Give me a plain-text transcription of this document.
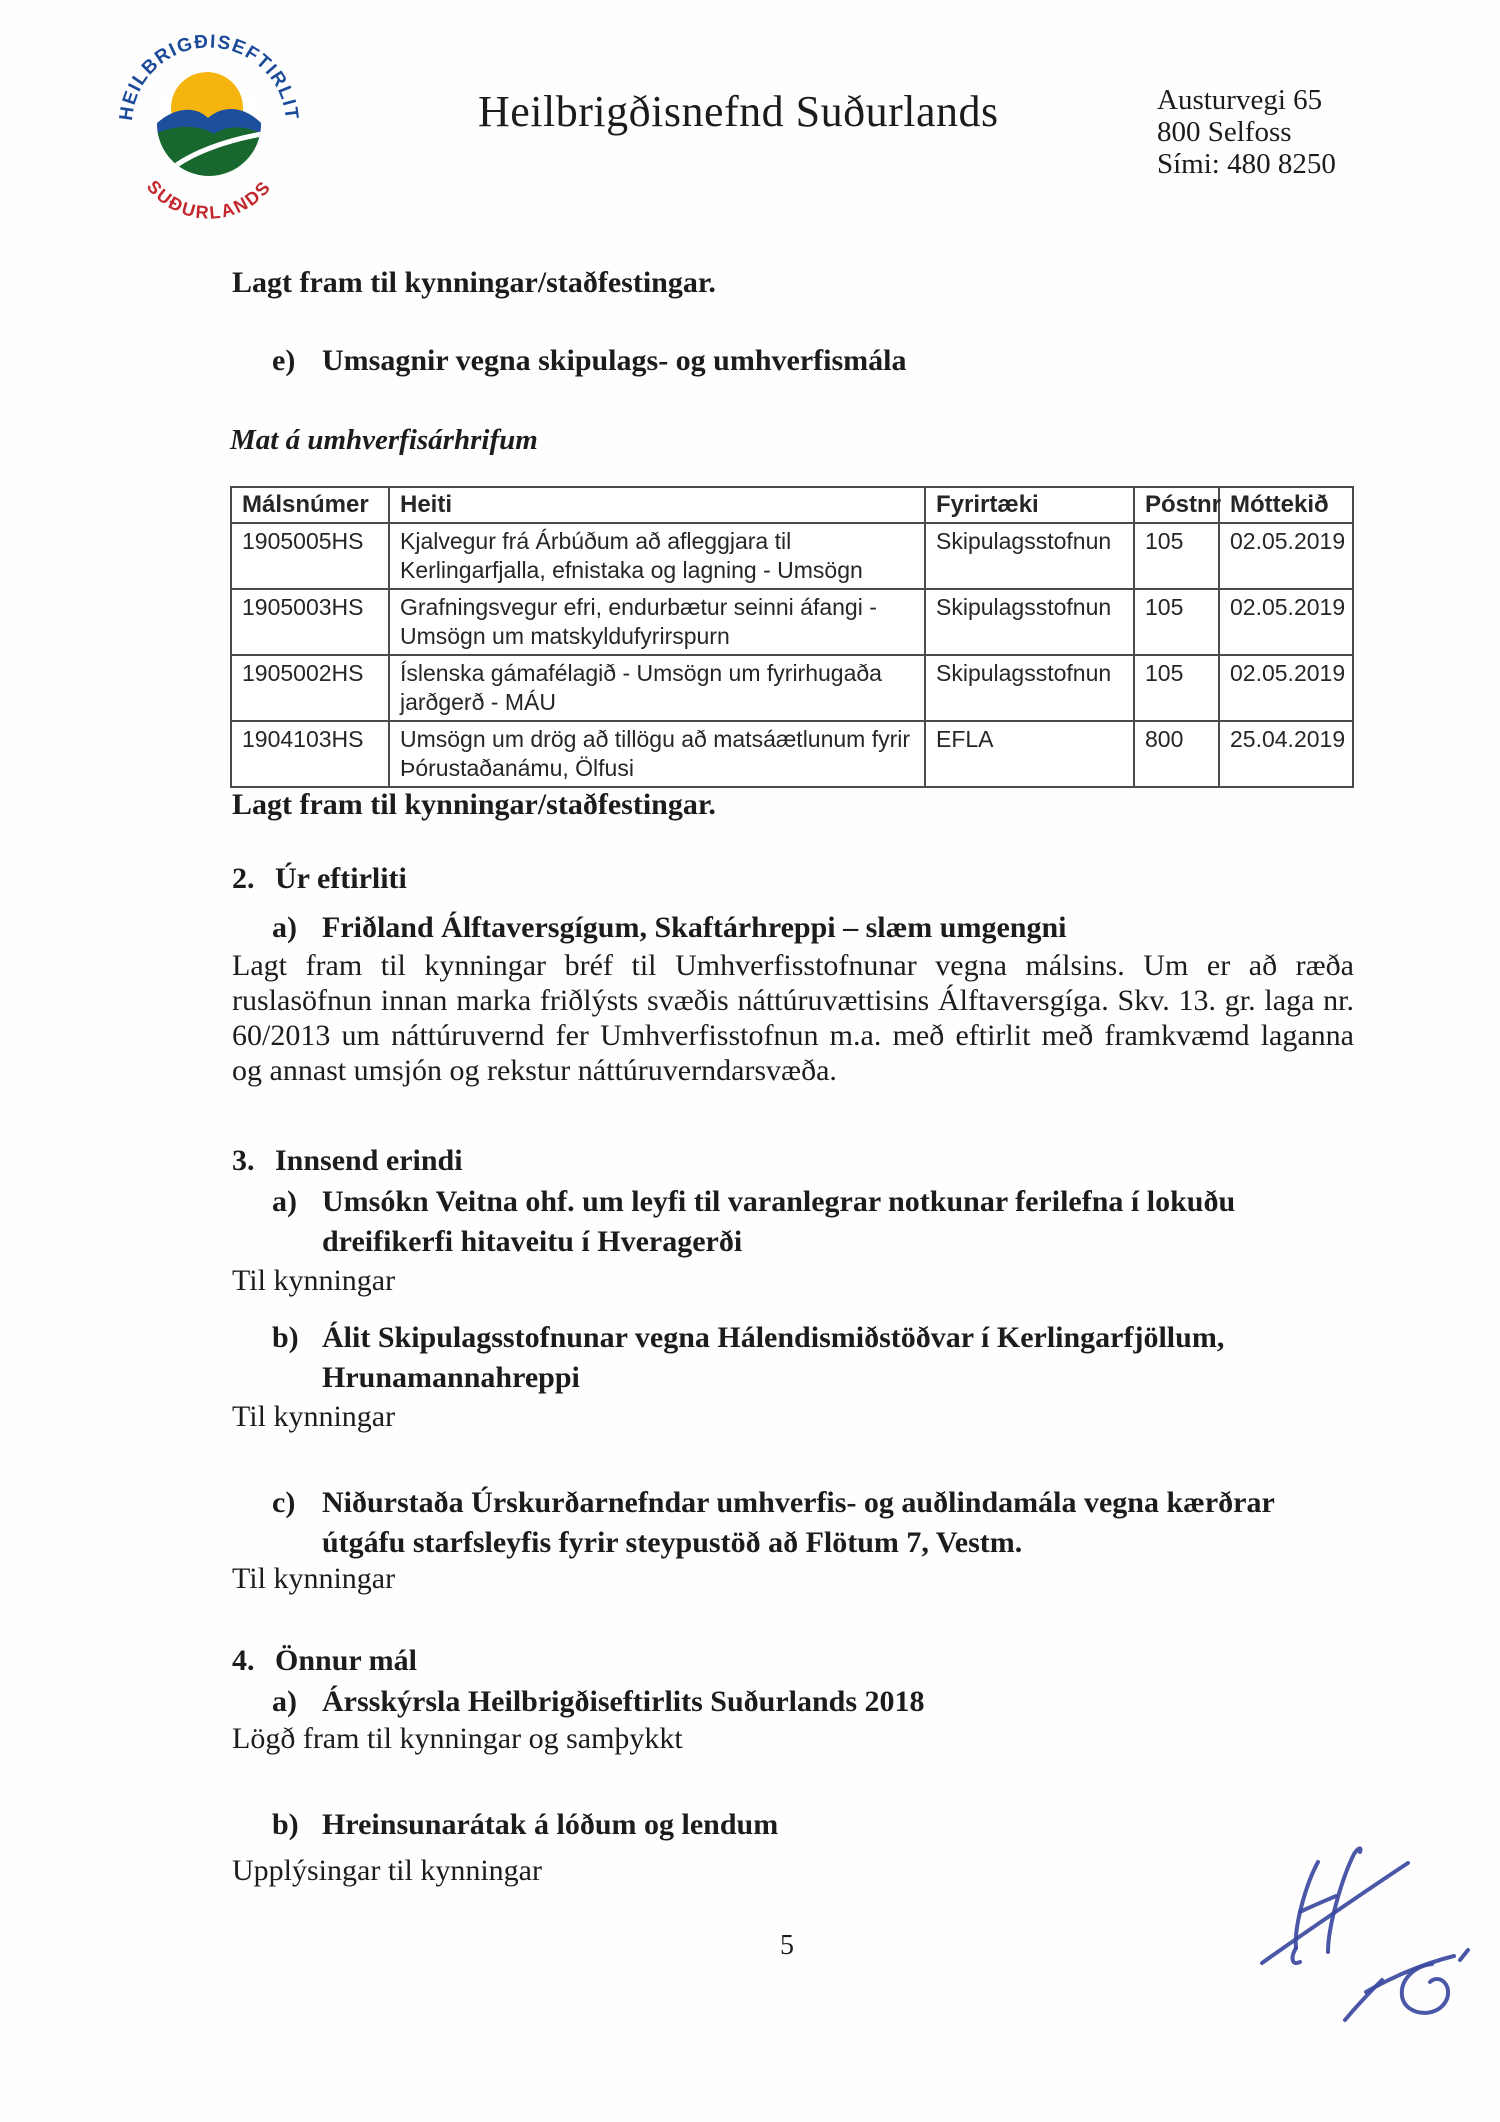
HEILBRIGÐISEFTIRLIT
SUÐURLANDS
Heilbrigðisnefnd Suðurlands	Austurvegi 65
800 Selfoss
Sími: 480 8250
Lagt fram til kynningar/staðfestingar.
e) Umsagnir vegna skipulags- og umhverfismála
Mat á umhverfisárhrifum
Málsnúmer	Heiti	Fyrirtæki	Póstnr	Móttekið
1905005HS	Kjalvegur frá Árbúðum að afleggjara til Kerlingarfjalla, efnistaka og lagning - Umsögn	Skipulagsstofnun	105	02.05.2019
1905003HS	Grafningsvegur efri, endurbætur seinni áfangi - Umsögn um matskyldufyrirspurn	Skipulagsstofnun	105	02.05.2019
1905002HS	Íslenska gámafélagið - Umsögn um fyrirhugaða jarðgerð - MÁU	Skipulagsstofnun	105	02.05.2019
1904103HS	Umsögn um drög að tillögu að matsáætlunum fyrir Þórustaðanámu, Ölfusi	EFLA	800	25.04.2019
Lagt fram til kynningar/staðfestingar.
2. Úr eftirliti
a) Friðland Álftaversgígum, Skaftárhreppi – slæm umgengni
Lagt fram til kynningar bréf til Umhverfisstofnunar vegna málsins. Um er að ræða ruslasöfnun innan marka friðlýsts svæðis náttúruvættisins Álftaversgíga. Skv. 13. gr. laga nr. 60/2013 um náttúruvernd fer Umhverfisstofnun m.a. með eftirlit með framkvæmd laganna og annast umsjón og rekstur náttúruverndarsvæða.
3. Innsend erindi
a) Umsókn Veitna ohf. um leyfi til varanlegrar notkunar ferilefna í lokuðu dreifikerfi hitaveitu í Hveragerði
Til kynningar
b) Álit Skipulagsstofnunar vegna Hálendismiðstöðvar í Kerlingarfjöllum, Hrunamannahreppi
Til kynningar
c) Niðurstaða Úrskurðarnefndar umhverfis- og auðlindamála vegna kærðrar útgáfu starfsleyfis fyrir steypustöð að Flötum 7, Vestm.
Til kynningar
4. Önnur mál
a) Ársskýrsla Heilbrigðiseftirlits Suðurlands 2018
Lögð fram til kynningar og samþykkt
b) Hreinsunarátak á lóðum og lendum
Upplýsingar til kynningar
5
